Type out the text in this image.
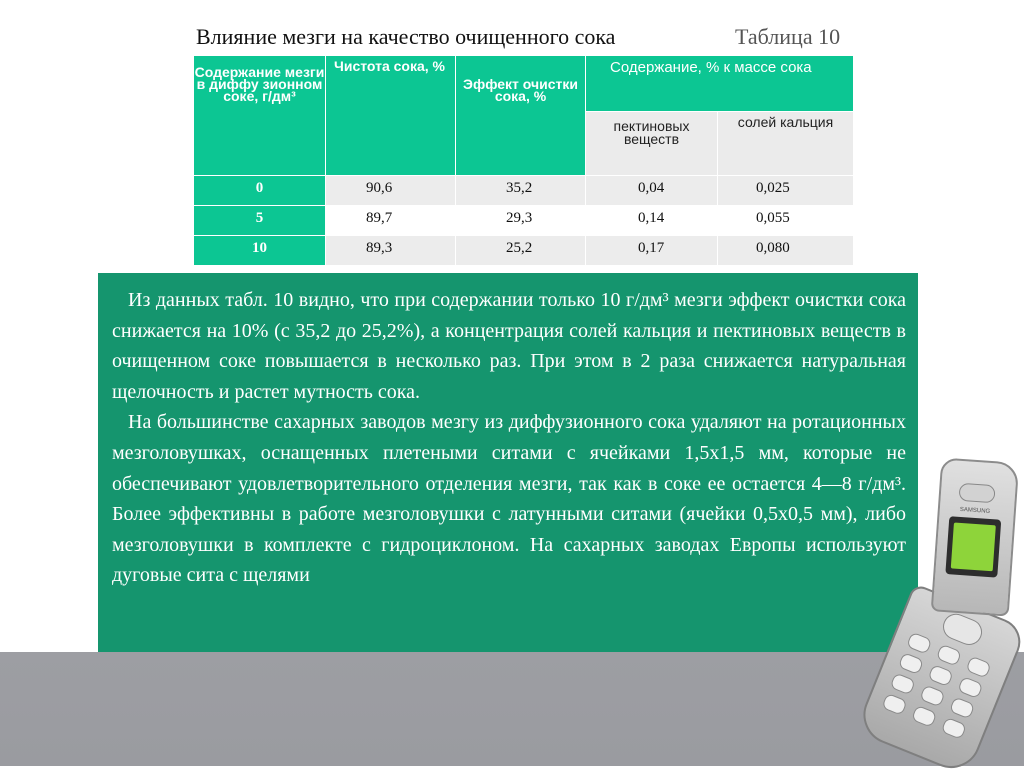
Влияние мезги на качество очищенного сока	Таблица 10
Содержание мезги в диффу зионном соке, г/дм³	Чистота сока, %	Эффект очистки сока, %	Содержание, % к массе сока	
			пектиновых веществ	солей кальция
0	90,6	35,2	0,04	0,025
5	89,7	29,3	0,14	0,055
10	89,3	25,2	0,17	0,080

Из данных табл. 10 видно, что при содержании только 10 г/дм³ мезги эффект очистки сока снижается на 10% (с 35,2 до 25,2%), а концентрация солей кальция и пектиновых веществ в очищенном соке повышается в несколько раз. При этом в 2 раза снижается натуральная щелочность и растет мутность сока.

На большинстве сахарных заводов мезгу из диффузионного сока удаляют на ротационных мезголовушках, оснащенных плетеными ситами с ячейками 1,5x1,5 мм, которые не обеспечивают удовлетворительного отделения мезги, так как в соке ее остается 4—8 г/дм³. Более эффективны в работе мезголовушки с латунными ситами (ячейки 0,5x0,5 мм), либо мезголовушки в комплекте с гидроциклоном. На сахарных заводах Европы используют дуговые сита с щелями

SAMSUNG
